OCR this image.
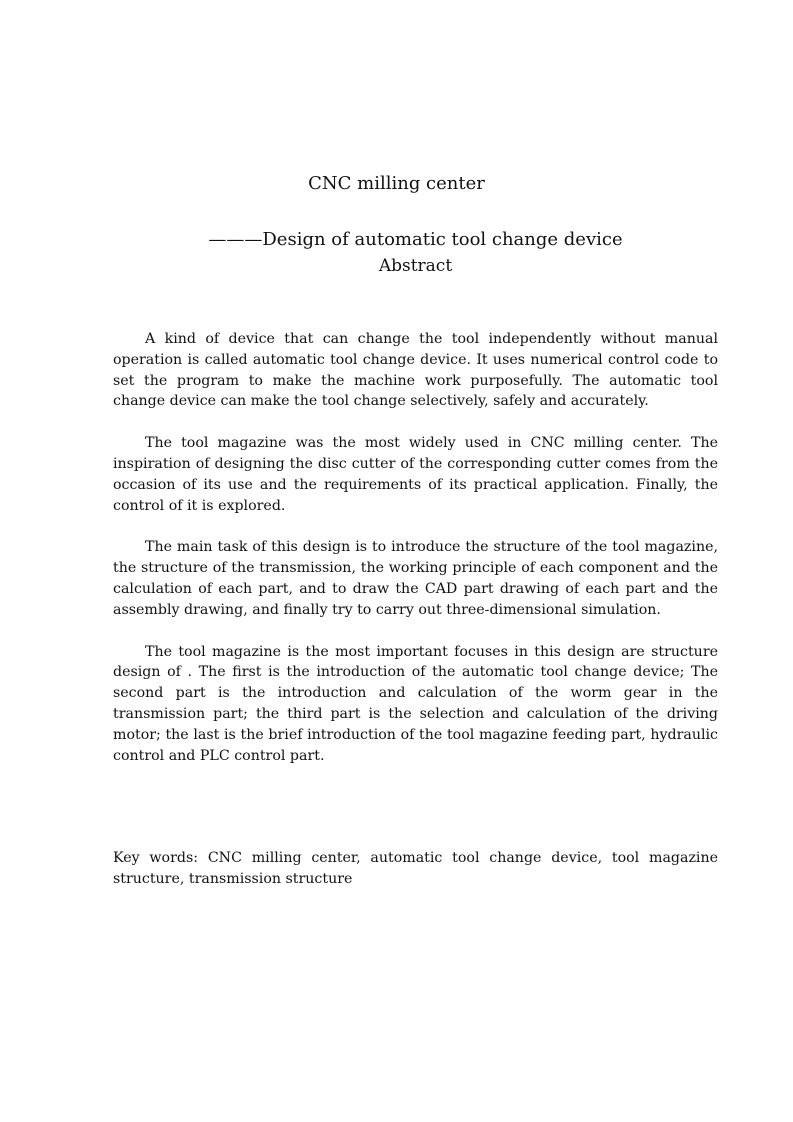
CNC milling center
———Design of automatic tool change device
Abstract

A kind of device that can change the tool independently without manual operation is called automatic tool change device. It uses numerical control code to set the program to make the machine work purposefully. The automatic tool change device can make the tool change selectively, safely and accurately.

The tool magazine was the most widely used in CNC milling center. The inspiration of designing the disc cutter of the corresponding cutter comes from the occasion of its use and the requirements of its practical application. Finally, the control of it is explored.

The main task of this design is to introduce the structure of the tool magazine, the structure of the transmission, the working principle of each component and the calculation of each part, and to draw the CAD part drawing of each part and the assembly drawing, and finally try to carry out three-dimensional simulation.

The tool magazine is the most important focuses in this design are structure design of . The first is the introduction of the automatic tool change device; The second part is the introduction and calculation of the worm gear in the transmission part; the third part is the selection and calculation of the driving motor; the last is the brief introduction of the tool magazine feeding part, hydraulic control and PLC control part.

Key words: CNC milling center, automatic tool change device, tool magazine structure, transmission structure
